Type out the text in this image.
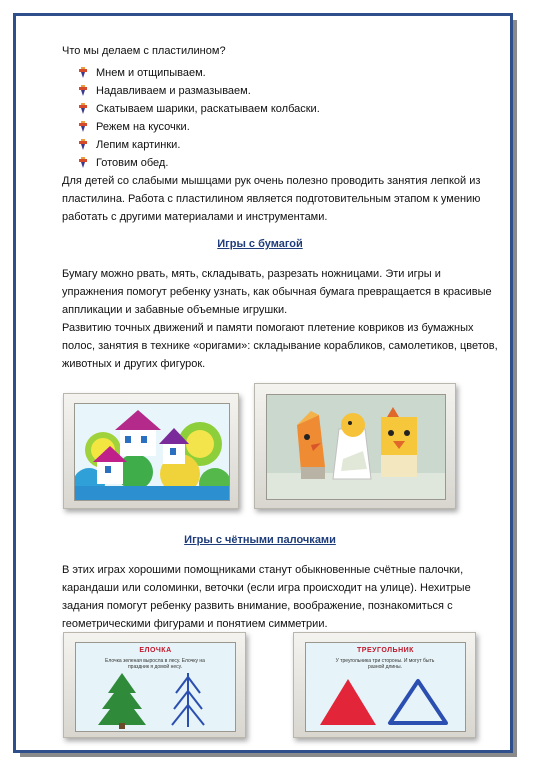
Что мы делаем с пластилином?
Мнем и отщипываем.
Надавливаем и размазываем.
Скатываем шарики, раскатываем колбаски.
Режем на кусочки.
Лепим картинки.
Готовим обед.

Для детей со слабыми мышцами рук очень полезно проводить занятия лепкой из пластилина. Работа с пластилином является подготовительным этапом к умению работать с другими материалами и инструментами.

Игры с бумагой

Бумагу можно рвать, мять, складывать, разрезать ножницами. Эти игры и упражнения помогут ребенку узнать, как обычная бумага превращается в красивые аппликации и забавные объемные игрушки.

Развитию точных движений и памяти помогают плетение ковриков из бумажных полос, занятия в технике «оригами»: складывание корабликов, самолетиков, цветов, животных и других фигурок.

Игры с чётными палочками

В этих играх хорошими помощниками станут обыкновенные счётные палочки, карандаши или соломинки, веточки (если игра происходит на улице). Нехитрые задания помогут ребенку развить внимание, воображение, познакомиться с геометрическими фигурами и понятием симметрии.

ЕЛОЧКА
Елочка зеленая выросла в лесу. Елочку на праздник я домой несу.
ТРЕУГОЛЬНИК
У треугольника три стороны. И могут быть разной длины.
